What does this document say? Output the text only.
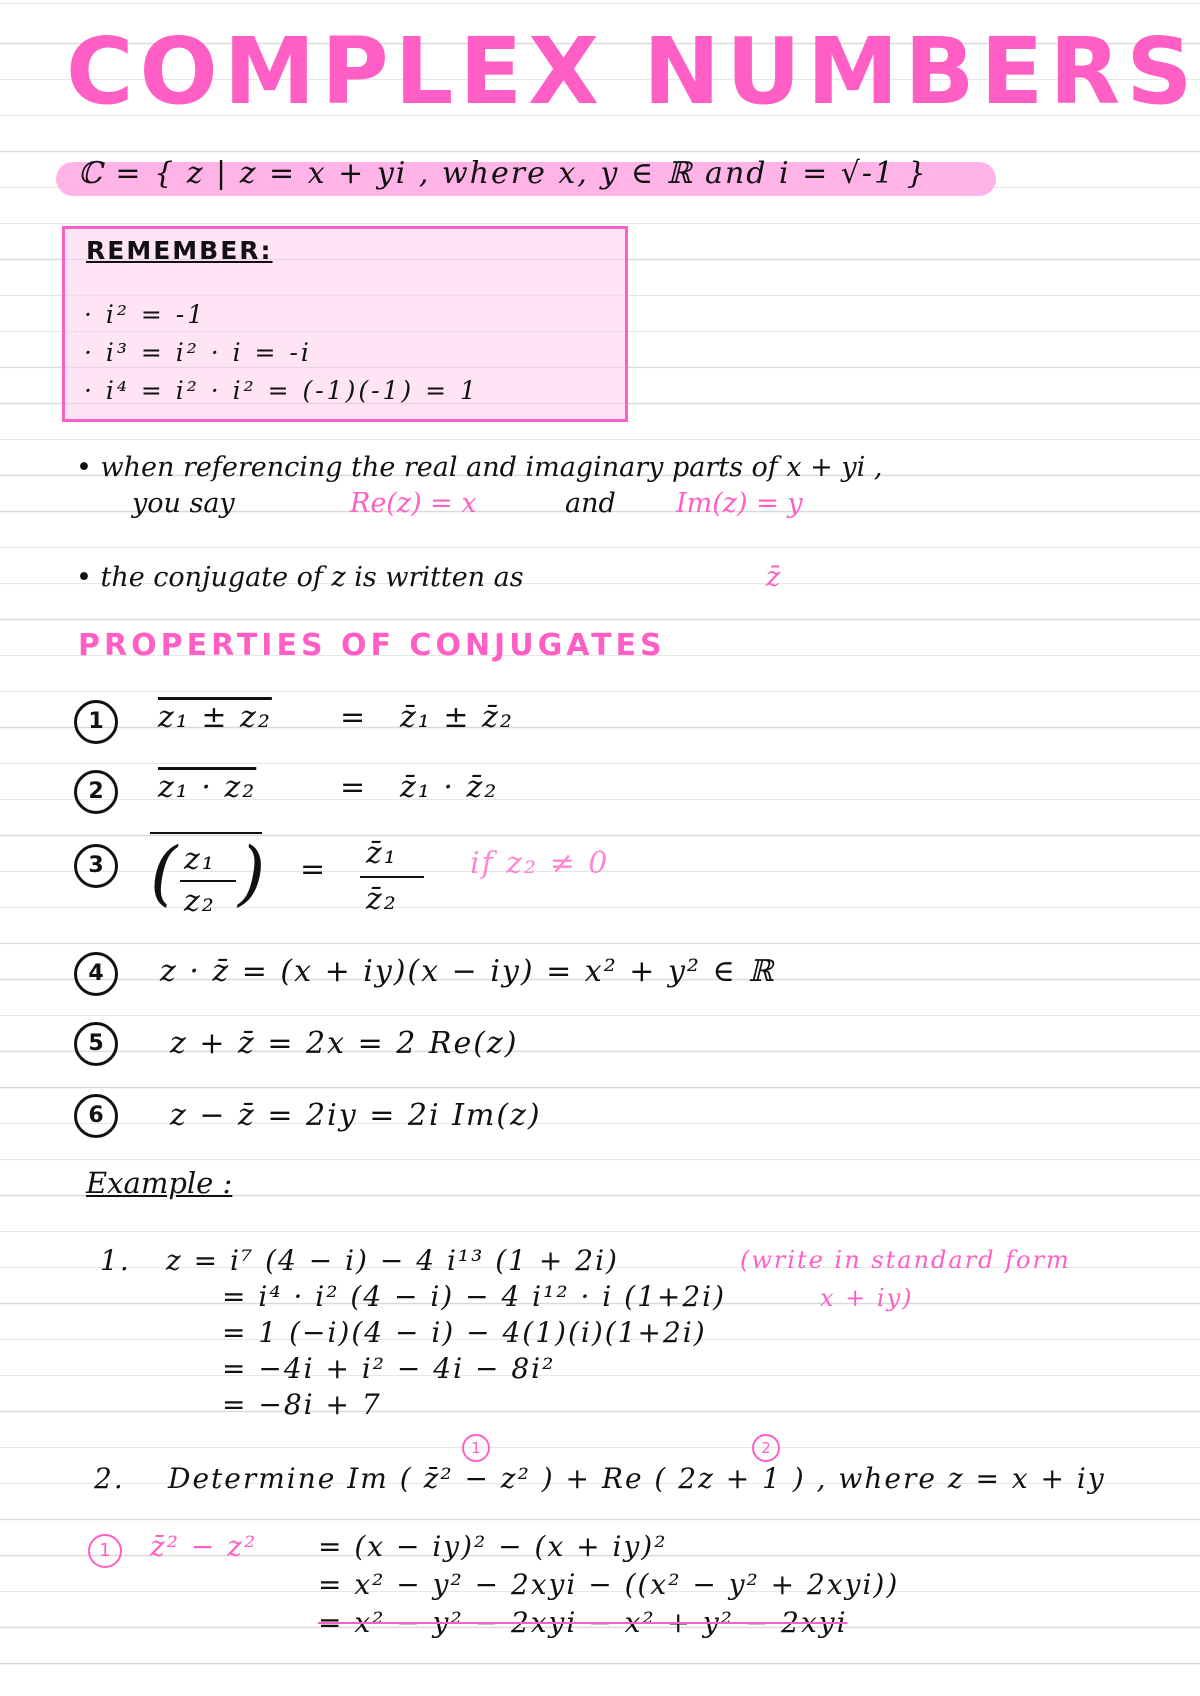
COMPLEX NUMBERS
ℂ = { z | z = x + yi , where x, y ∈ ℝ and i = √-1 }
REMEMBER:
· i² = -1
· i³ = i² · i = -i
· i⁴ = i² · i² = (-1)(-1) = 1
• when referencing the real and imaginary parts of x + yi ,
you say	Re(z) = x	and Im(z) = y
• the conjugate of z is written as	z̄
PROPERTIES OF CONJUGATES
1	z₁ ± z₂ = z̄₁ ± z̄₂
2	z₁ · z₂	= z̄₁ · z̄₂
3 ( z₁
z₂ ) = z̄₁
z̄₂
if z₂ ≠ 0
4	z · z̄ = (x + iy)(x − iy) = x² + y² ∈ ℝ
5	z + z̄ = 2x = 2 Re(z)
6	z − z̄ = 2iy = 2i Im(z)
Example :
1. z = i⁷ (4 − i) − 4 i¹³ (1 + 2i)
= i⁴ · i² (4 − i) − 4 i¹² · i (1+2i)
= 1 (−i)(4 − i) − 4(1)(i)(1+2i)
= −4i + i² − 4i − 8i²
= −8i + 7
(write in standard form
x + iy)
1	2
2. Determine Im ( z̄² − z² ) + Re ( 2z + 1 ) , where z = x + iy
1	z̄² − z² = (x − iy)² − (x + iy)²
= x² − y² − 2xyi − ((x² − y² + 2xyi))
= x² − y² − 2xyi − x² + y² − 2xyi
